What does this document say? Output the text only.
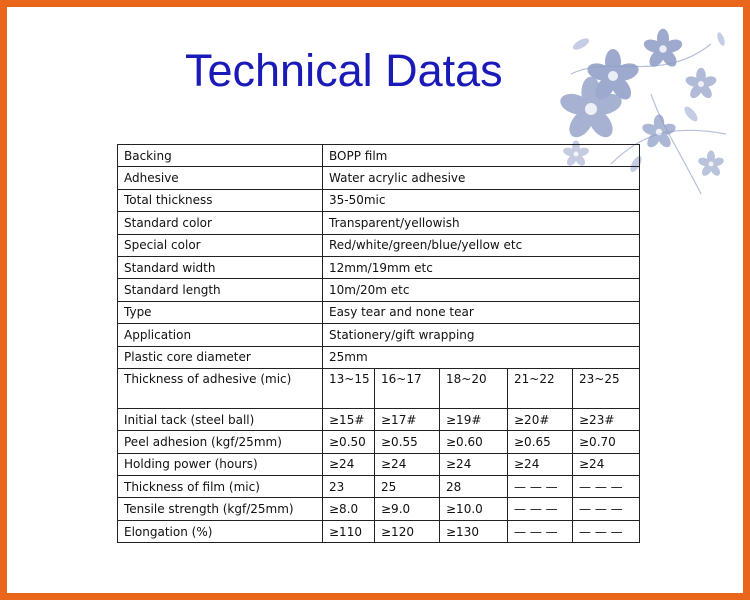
Technical Datas
Backing	BOPP film				
Adhesive	Water acrylic adhesive				
Total thickness	35-50mic				
Standard color	Transparent/yellowish				
Special color	Red/white/green/blue/yellow etc				
Standard width	12mm/19mm etc				
Standard length	10m/20m etc				
Type	Easy tear and none tear				
Application	Stationery/gift wrapping				
Plastic core diameter	25mm				
Thickness of adhesive (mic)	13~15	16~17	18~20	21~22	23~25
Initial tack (steel ball)	≥15#	≥17#	≥19#	≥20#	≥23#
Peel adhesion (kgf/25mm)	≥0.50	≥0.55	≥0.60	≥0.65	≥0.70
Holding power (hours)	≥24	≥24	≥24	≥24	≥24
Thickness of film (mic)	23	25	28	— — —	— — —
Tensile strength (kgf/25mm)	≥8.0	≥9.0	≥10.0	— — —	— — —
Elongation (%)	≥110	≥120	≥130	— — —	— — —
